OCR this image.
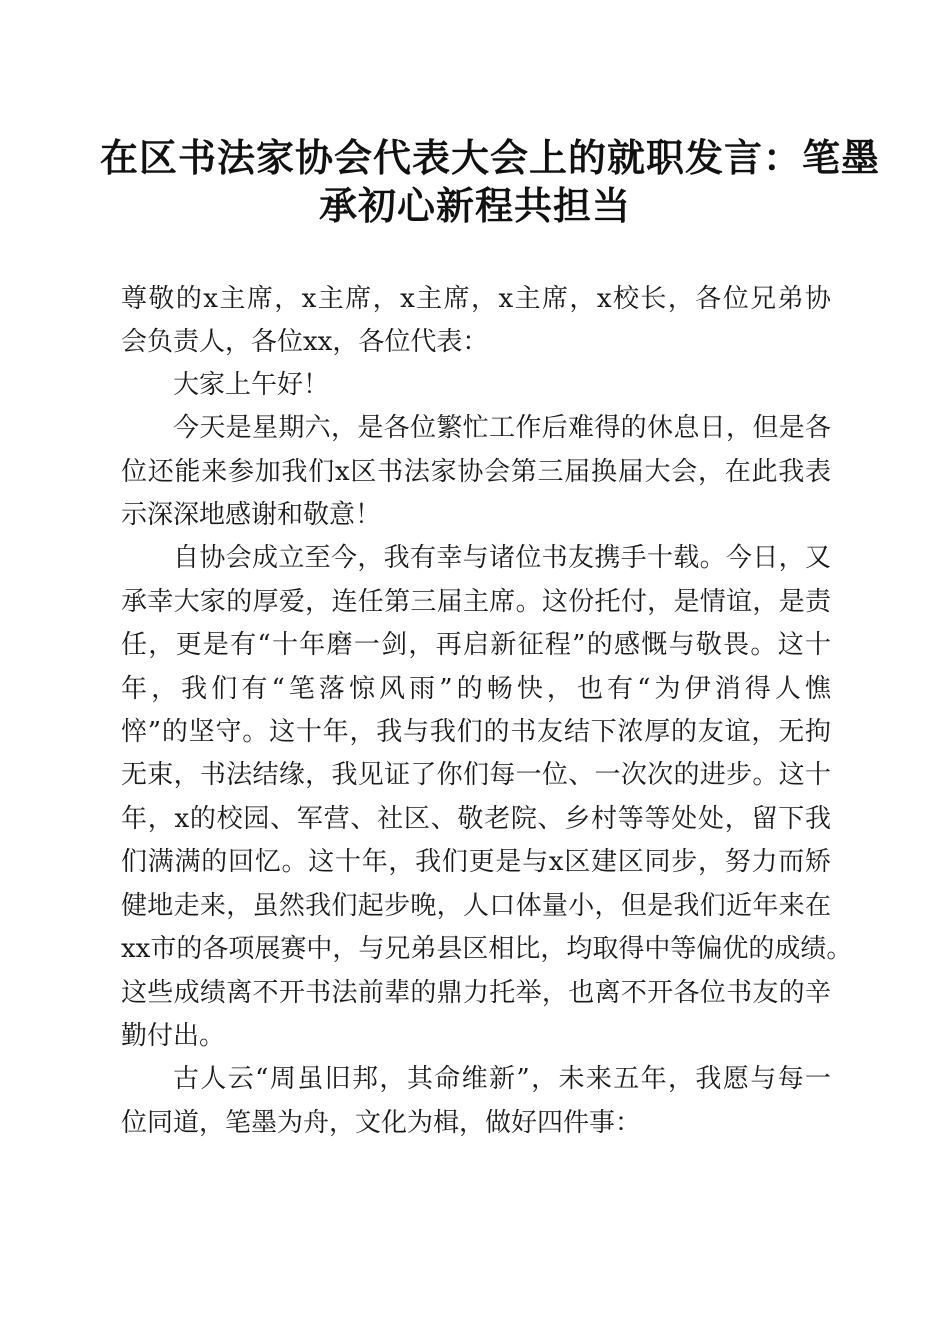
在区书法家协会代表大会上的就职发言：笔墨
承初心新程共担当

尊敬的x主席，x主席，x主席，x主席，x校长，各位兄弟协

会负责人，各位xx，各位代表：

大家上午好！

今天是星期六，是各位繁忙工作后难得的休息日，但是各

位还能来参加我们x区书法家协会第三届换届大会，在此我表

示深深地感谢和敬意！

自协会成立至今，我有幸与诸位书友携手十载。今日，又

承幸大家的厚爱，连任第三届主席。这份托付，是情谊，是责

任，更是有“十年磨一剑，再启新征程”的感慨与敬畏。这十

年，我们有“笔落惊风雨”的畅快，也有“为伊消得人憔

悴”的坚守。这十年，我与我们的书友结下浓厚的友谊，无拘

无束，书法结缘，我见证了你们每一位、一次次的进步。这十

年，x的校园、军营、社区、敬老院、乡村等等处处，留下我

们满满的回忆。这十年，我们更是与x区建区同步，努力而矫

健地走来，虽然我们起步晚，人口体量小，但是我们近年来在

xx市的各项展赛中，与兄弟县区相比，均取得中等偏优的成绩。

这些成绩离不开书法前辈的鼎力托举，也离不开各位书友的辛

勤付出。

古人云“周虽旧邦，其命维新”，未来五年，我愿与每一

位同道，笔墨为舟，文化为楫，做好四件事：
